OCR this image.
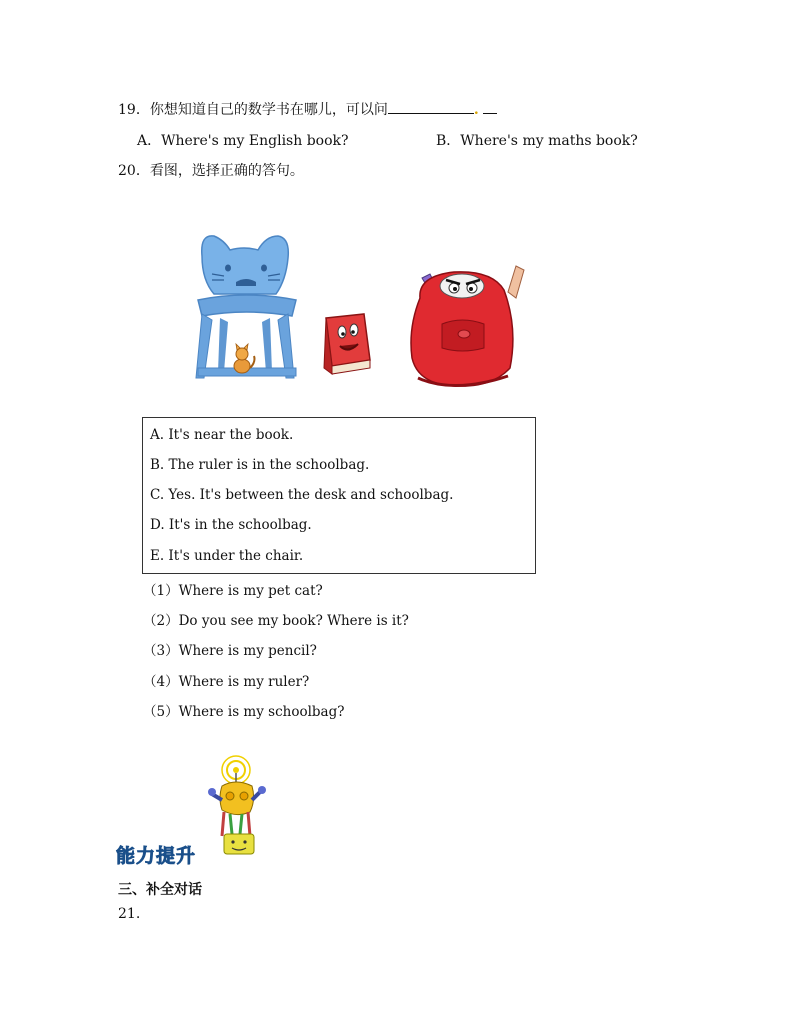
19．你想知道自己的数学书在哪儿，可以问	.
A．Where's my English book?	B．Where's my maths book?
20．看图，选择正确的答句。
A. It's near the book.
B. The ruler is in the schoolbag.
C. Yes. It's between the desk and schoolbag.
D. It's in the schoolbag.
E. It's under the chair.
（1）Where is my pet cat?
（2）Do you see my book? Where is it?
（3）Where is my pencil?
（4）Where is my ruler?
（5）Where is my schoolbag?
能力提升
三、补全对话
21.
